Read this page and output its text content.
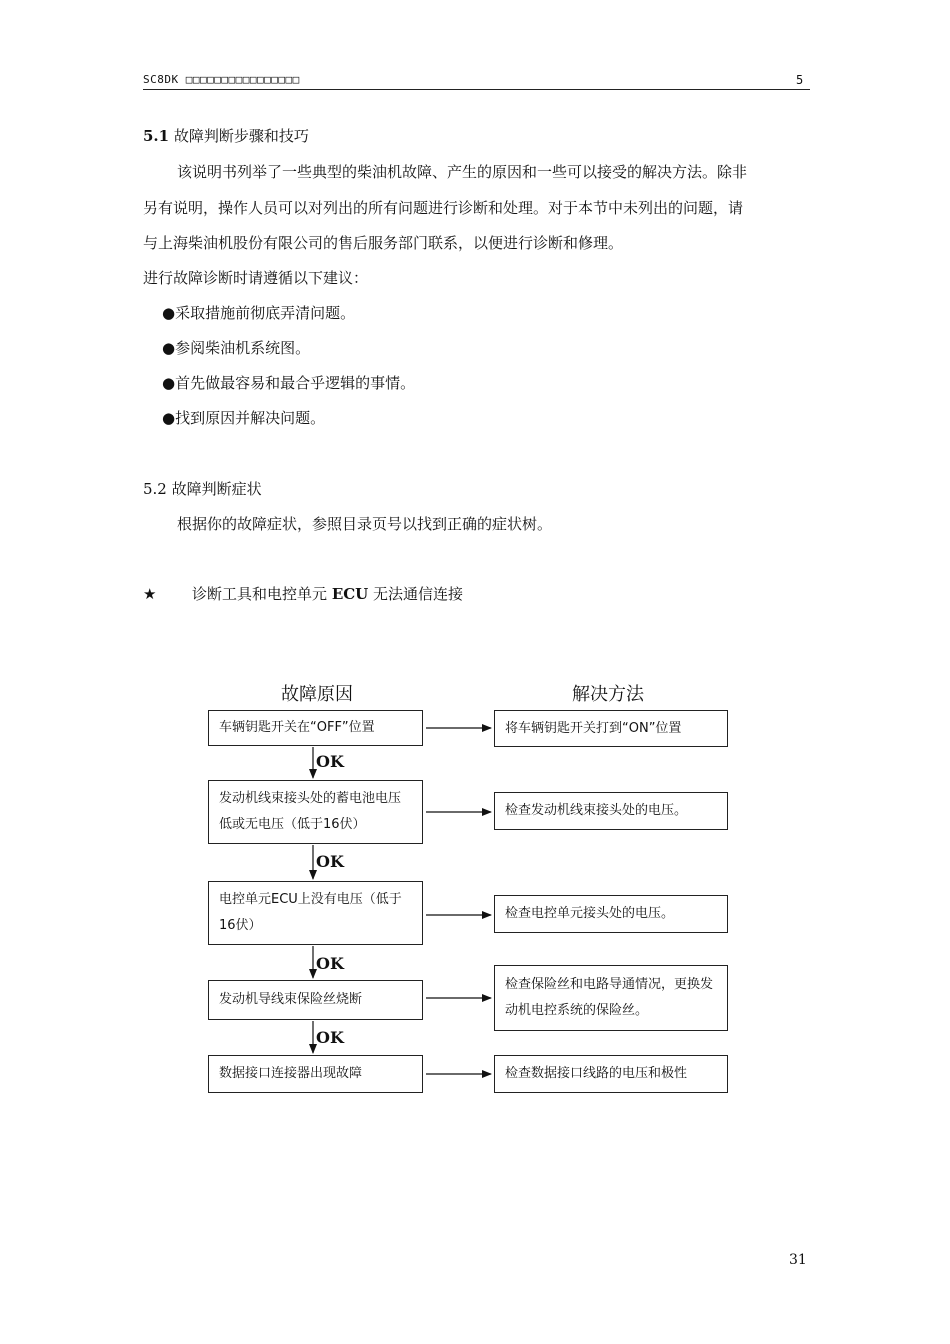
SC8DK □□□□□□□□□□□□□□□□	5
5.1 故障判断步骤和技巧
该说明书列举了一些典型的柴油机故障、产生的原因和一些可以接受的解决方法。除非
另有说明，操作人员可以对列出的所有问题进行诊断和处理。对于本节中未列出的问题，请
与上海柴油机股份有限公司的售后服务部门联系，以便进行诊断和修理。
进行故障诊断时请遵循以下建议：
●采取措施前彻底弄清问题。
●参阅柴油机系统图。
●首先做最容易和最合乎逻辑的事情。
●找到原因并解决问题。
5.2 故障判断症状
根据你的故障症状，参照目录页号以找到正确的症状树。
★ 诊断工具和电控单元 ECU 无法通信连接
故障原因	解决方法
车辆钥匙开关在“OFF”位置
发动机线束接头处的蓄电池电压低或无电压（低于16伏）
电控单元ECU上没有电压（低于16伏）
发动机导线束保险丝烧断
数据接口连接器出现故障
将车辆钥匙开关打到“ON”位置
检查发动机线束接头处的电压。
检查电控单元接头处的电压。
检查保险丝和电路导通情况，更换发动机电控系统的保险丝。
检查数据接口线路的电压和极性
OK
OK
OK
OK
31
